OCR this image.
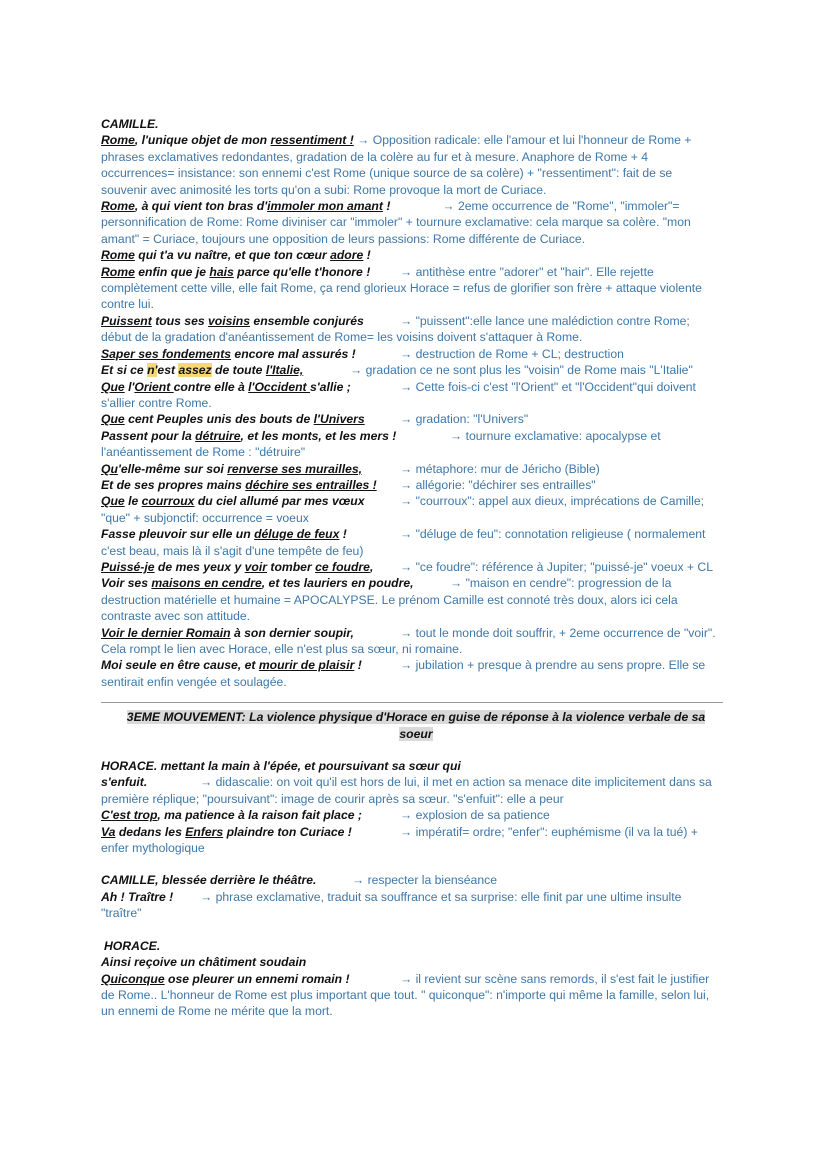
CAMILLE.
Rome, l'unique objet de mon ressentiment ! → Opposition radicale: elle l'amour et lui l'honneur de Rome +
phrases exclamatives redondantes, gradation de la colère au fur et à mesure. Anaphore de Rome + 4
occurrences= insistance: son ennemi c'est Rome (unique source de sa colère) + "ressentiment": fait de se
souvenir avec animosité les torts qu'on a subi: Rome provoque la mort de Curiace.
Rome, à qui vient ton bras d'immoler mon amant !	→ 2eme occurrence de "Rome", "immoler"=
personnification de Rome: Rome diviniser car "immoler" + tournure exclamative: cela marque sa colère. "mon
amant" = Curiace, toujours une opposition de leurs passions: Rome différente de Curiace.
Rome qui t'a vu naître, et que ton cœur adore !
Rome enfin que je hais parce qu'elle t'honore ! → antithèse entre "adorer" et "hair". Elle rejette
complètement cette ville, elle fait Rome, ça rend glorieux Horace = refus de glorifier son frère + attaque violente
contre lui.
Puissent tous ses voisins ensemble conjurés	→ "puissent":elle lance une malédiction contre Rome;
début de la gradation d'anéantissement de Rome= les voisins doivent s'attaquer à Rome.
Saper ses fondements encore mal assurés !	→ destruction de Rome + CL; destruction
Et si ce n'est assez de toute l'Italie,	→ gradation ce ne sont plus les "voisin" de Rome mais "L'Italie"
Que l'Orient contre elle à l'Occident s'allie ;	→ Cette fois-ci c'est "l'Orient" et "l'Occident"qui doivent
s'allier contre Rome.
Que cent Peuples unis des bouts de l'Univers	→ gradation: "l'Univers"
Passent pour la détruire, et les monts, et les mers !	→ tournure exclamative: apocalypse et
l'anéantissement de Rome : "détruire"
Qu'elle-même sur soi renverse ses murailles,	→ métaphore: mur de Jéricho (Bible)
Et de ses propres mains déchire ses entrailles ! → allégorie: "déchirer ses entrailles"
Que le courroux du ciel allumé par mes vœux	→ "courroux": appel aux dieux, imprécations de Camille;
"que" + subjonctif: occurrence = voeux
Fasse pleuvoir sur elle un déluge de feux !	→ "déluge de feu": connotation religieuse ( normalement
c'est beau, mais là il s'agit d'une tempête de feu)
Puissé-je de mes yeux y voir tomber ce foudre, → "ce foudre": référence à Jupiter; "puissé-je" voeux + CL
Voir ses maisons en cendre, et tes lauriers en poudre,	→ "maison en cendre": progression de la
destruction matérielle et humaine = APOCALYPSE. Le prénom Camille est connoté très doux, alors ici cela
contraste avec son attitude.
Voir le dernier Romain à son dernier soupir,	→ tout le monde doit souffrir, + 2eme occurrence de "voir".
Cela rompt le lien avec Horace, elle n'est plus sa sœur, ni romaine.
Moi seule en être cause, et mourir de plaisir !	→ jubilation + presque à prendre au sens propre. Elle se
sentirait enfin vengée et soulagée.
3EME MOUVEMENT: La violence physique d'Horace en guise de réponse à la violence verbale de sa
soeur
HORACE. mettant la main à l'épée, et poursuivant sa sœur qui
s'enfuit.	→ didascalie: on voit qu'il est hors de lui, il met en action sa menace dite implicitement dans sa
première réplique; "poursuivant": image de courir après sa sœur. "s'enfuit": elle a peur
C'est trop, ma patience à la raison fait place ;	→ explosion de sa patience
Va dedans les Enfers plaindre ton Curiace !	→ impératif= ordre; "enfer": euphémisme (il va la tué) +
enfer mythologique
CAMILLE, blessée derrière le théâtre.	→ respecter la bienséance
Ah ! Traître ! → phrase exclamative, traduit sa souffrance et sa surprise: elle finit par une ultime insulte
"traître"
HORACE.
Ainsi reçoive un châtiment soudain
Quiconque ose pleurer un ennemi romain !	→ il revient sur scène sans remords, il s'est fait le justifier
de Rome.. L'honneur de Rome est plus important que tout. " quiconque": n'importe qui même la famille, selon lui,
un ennemi de Rome ne mérite que la mort.
